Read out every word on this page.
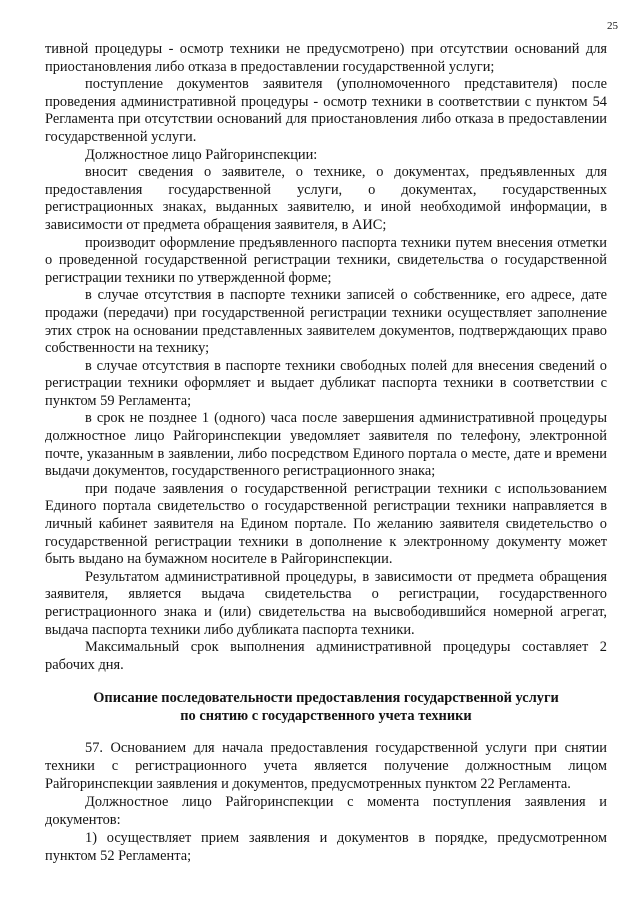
25

тивной процедуры - осмотр техники не предусмотрено) при отсутствии оснований для приостановления либо отказа в предоставлении государственной услуги;

поступление документов заявителя (уполномоченного представителя) после проведения административной процедуры - осмотр техники в соответствии с пунктом 54 Регламента при отсутствии оснований для приостановления либо отказа в предоставлении государственной услуги.

Должностное лицо Райгоринспекции:

вносит сведения о заявителе, о технике, о документах, предъявленных для предоставления государственной услуги, о документах, государственных регистрационных знаках, выданных заявителю, и иной необходимой информации, в зависимости от предмета обращения заявителя, в АИС;

производит оформление предъявленного паспорта техники путем внесения отметки о проведенной государственной регистрации техники, свидетельства о государственной регистрации техники по утвержденной форме;

в случае отсутствия в паспорте техники записей о собственнике, его адресе, дате продажи (передачи) при государственной регистрации техники осуществляет заполнение этих строк на основании представленных заявителем документов, подтверждающих право собственности на технику;

в случае отсутствия в паспорте техники свободных полей для внесения сведений о регистрации техники оформляет и выдает дубликат паспорта техники в соответствии с пунктом 59 Регламента;

в срок не позднее 1 (одного) часа после завершения административной процедуры должностное лицо Райгоринспекции уведомляет заявителя по телефону, электронной почте, указанным в заявлении, либо посредством Единого портала о месте, дате и времени выдачи документов, государственного регистрационного знака;

при подаче заявления о государственной регистрации техники с использованием Единого портала свидетельство о государственной регистрации техники направляется в личный кабинет заявителя на Едином портале. По желанию заявителя свидетельство о государственной регистрации техники в дополнение к электронному документу может быть выдано на бумажном носителе в Райгоринспекции.

Результатом административной процедуры, в зависимости от предмета обращения заявителя, является выдача свидетельства о регистрации, государственного регистрационного знака и (или) свидетельства на высвободившийся номерной агрегат, выдача паспорта техники либо дубликата паспорта техники.

Максимальный срок выполнения административной процедуры составляет 2 рабочих дня.

Описание последовательности предоставления государственной услуги
по снятию с государственного учета техники

57. Основанием для начала предоставления государственной услуги при снятии техники с регистрационного учета является получение должностным лицом Райгоринспекции заявления и документов, предусмотренных пунктом 22 Регламента.

Должностное лицо Райгоринспекции с момента поступления заявления и документов:

1) осуществляет прием заявления и документов в порядке, предусмотренном пунктом 52 Регламента;
